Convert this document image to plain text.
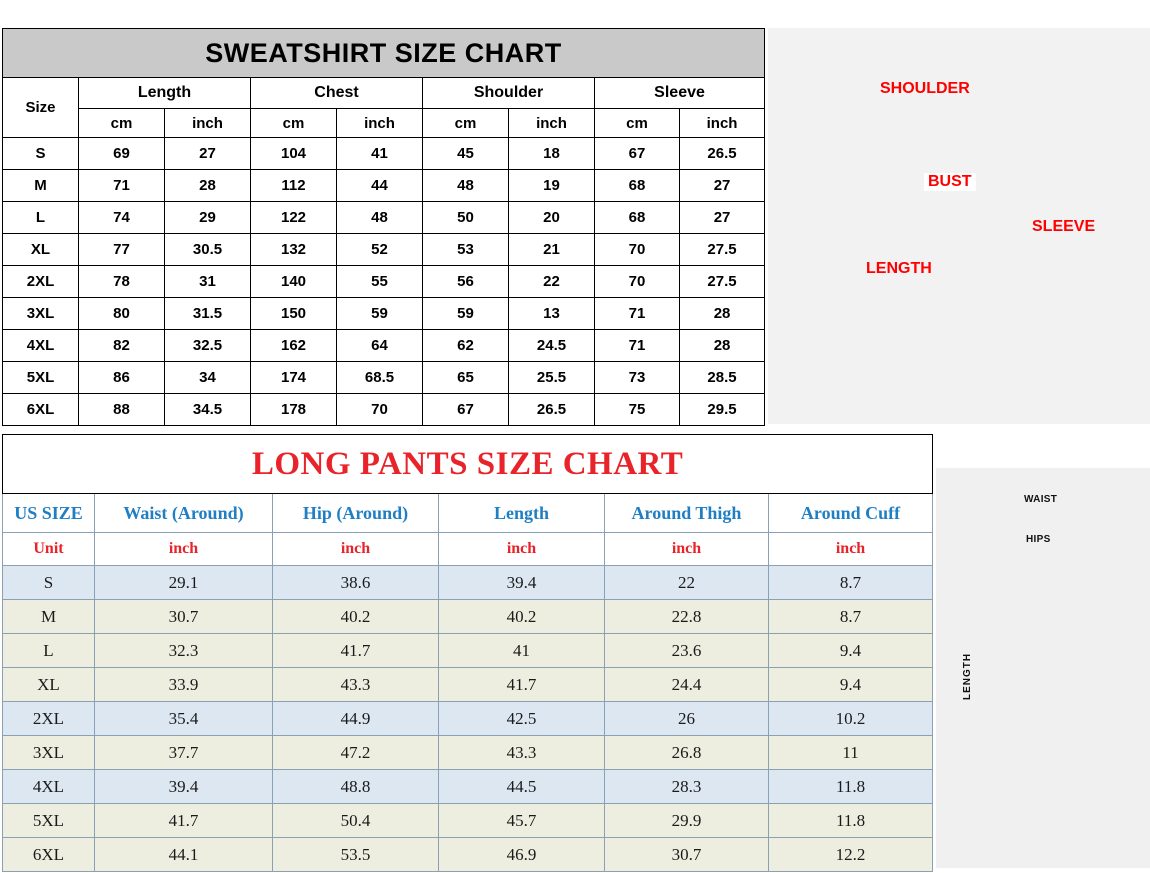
SWEATSHIRT SIZE CHART								
Size	Length		Chest		Shoulder		Sleeve	
	cm	inch	cm	inch	cm	inch	cm	inch
S	69	27	104	41	45	18	67	26.5
M	71	28	112	44	48	19	68	27
L	74	29	122	48	50	20	68	27
XL	77	30.5	132	52	53	21	70	27.5
2XL	78	31	140	55	56	22	70	27.5
3XL	80	31.5	150	59	59	13	71	28
4XL	82	32.5	162	64	62	24.5	71	28
5XL	86	34	174	68.5	65	25.5	73	28.5
6XL	88	34.5	178	70	67	26.5	75	29.5
SHOULDER
BUST
SLEEVE
LENGTH
LONG PANTS SIZE CHART					
US SIZE	Waist (Around)	Hip (Around)	Length	Around Thigh	Around Cuff
Unit	inch	inch	inch	inch	inch
S	29.1	38.6	39.4	22	8.7
M	30.7	40.2	40.2	22.8	8.7
L	32.3	41.7	41	23.6	9.4
XL	33.9	43.3	41.7	24.4	9.4
2XL	35.4	44.9	42.5	26	10.2
3XL	37.7	47.2	43.3	26.8	11
4XL	39.4	48.8	44.5	28.3	11.8
5XL	41.7	50.4	45.7	29.9	11.8
6XL	44.1	53.5	46.9	30.7	12.2
WAIST
HIPS
LENGTH
